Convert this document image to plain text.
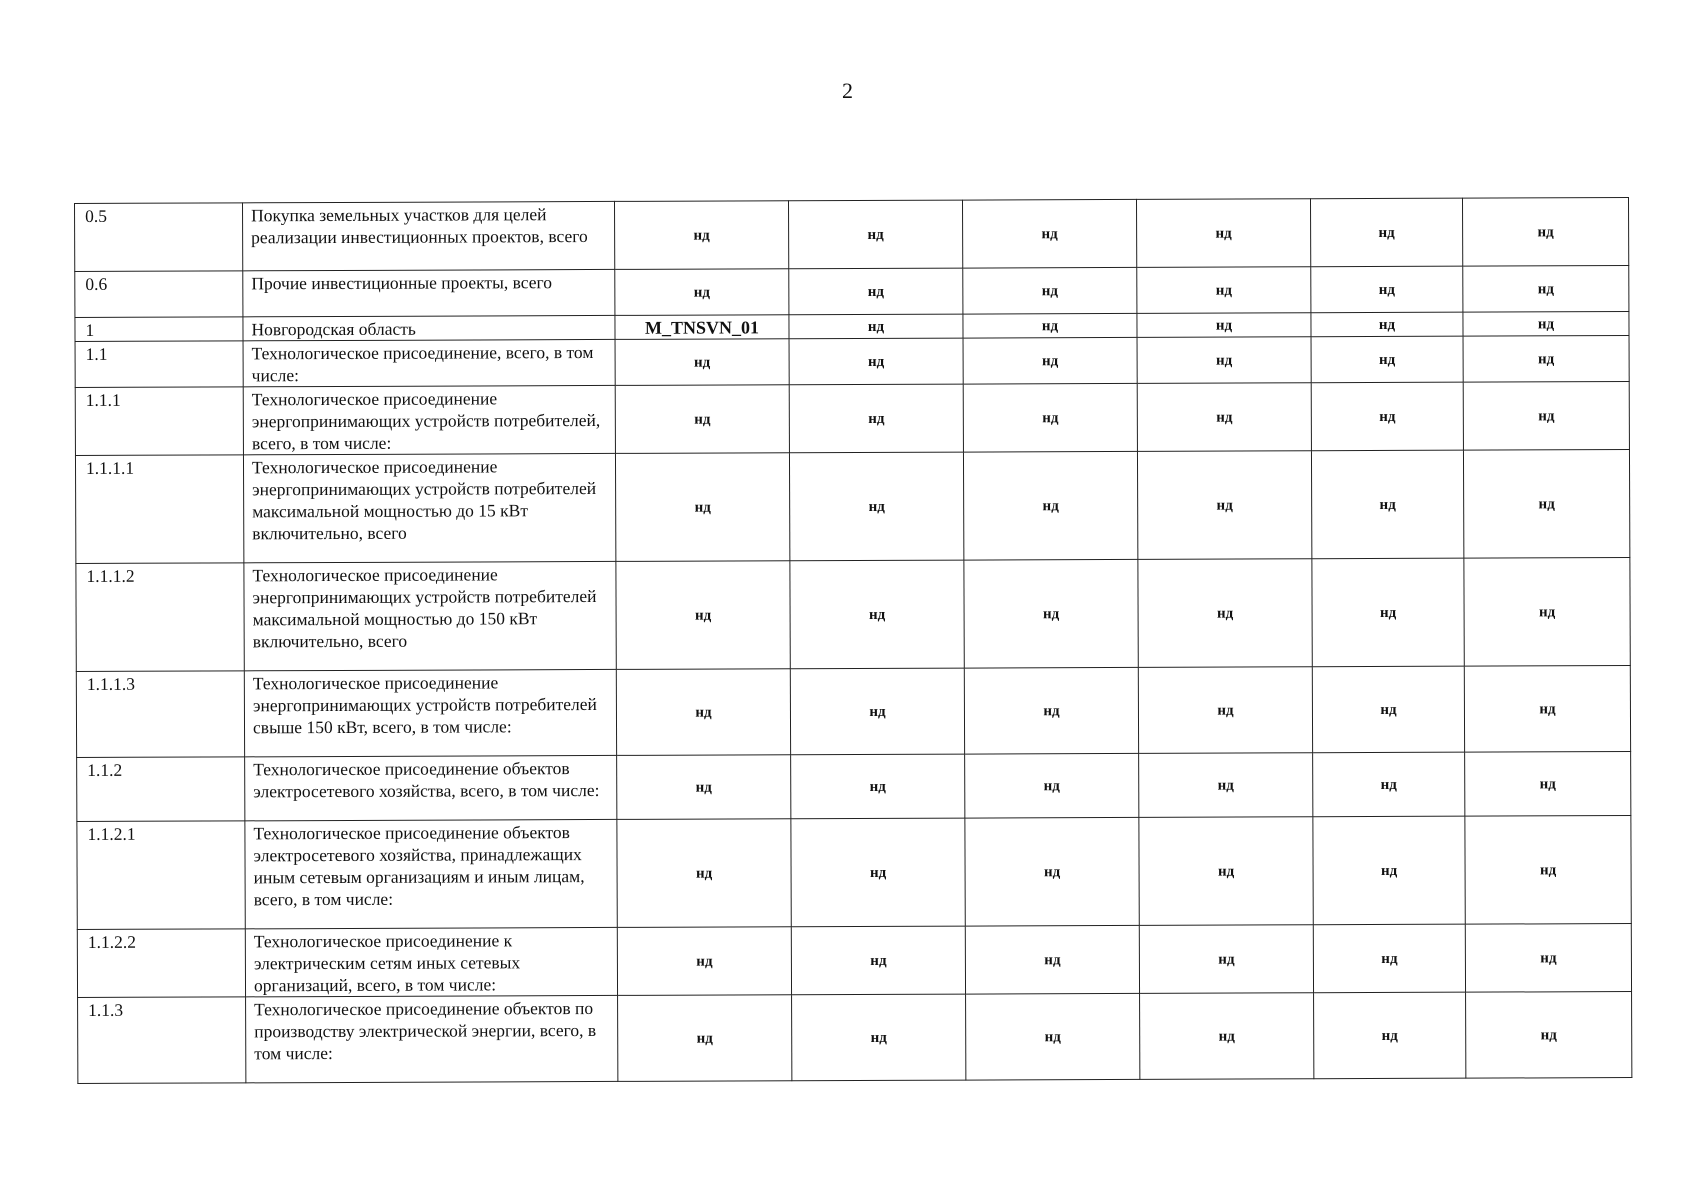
2
0.5	Покупка земельных участков для целей реализации инвестиционных проектов, всего	нд	нд	нд	нд	нд	нд
0.6	Прочие инвестиционные проекты, всего	нд	нд	нд	нд	нд	нд
1	Новгородская область	M_TNSVN_01	нд	нд	нд	нд	нд
1.1	Технологическое присоединение, всего, в том числе:	нд	нд	нд	нд	нд	нд
1.1.1	Технологическое присоединение энергопринимающих устройств потребителей, всего, в том числе:	нд	нд	нд	нд	нд	нд
1.1.1.1	Технологическое присоединение энергопринимающих устройств потребителей максимальной мощностью до 15 кВт включительно, всего	нд	нд	нд	нд	нд	нд
1.1.1.2	Технологическое присоединение энергопринимающих устройств потребителей максимальной мощностью до 150 кВт включительно, всего	нд	нд	нд	нд	нд	нд
1.1.1.3	Технологическое присоединение энергопринимающих устройств потребителей свыше 150 кВт, всего, в том числе:	нд	нд	нд	нд	нд	нд
1.1.2	Технологическое присоединение объектов электросетевого хозяйства, всего, в том числе:	нд	нд	нд	нд	нд	нд
1.1.2.1	Технологическое присоединение объектов электросетевого хозяйства, принадлежащих иным сетевым организациям и иным лицам, всего, в том числе:	нд	нд	нд	нд	нд	нд
1.1.2.2	Технологическое присоединение к электрическим сетям иных сетевых организаций, всего, в том числе:	нд	нд	нд	нд	нд	нд
1.1.3	Технологическое присоединение объектов по производству электрической энергии, всего, в том числе:	нд	нд	нд	нд	нд	нд
